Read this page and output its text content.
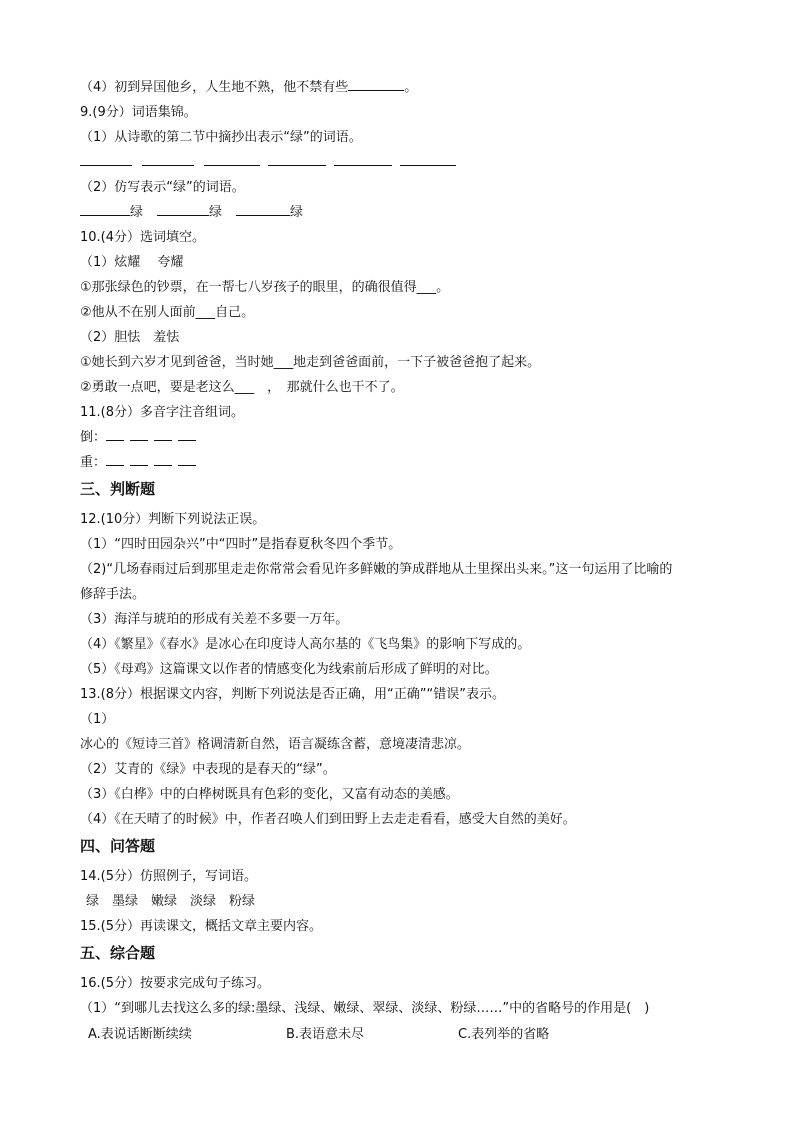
（4）初到异国他乡，人生地不熟，他不禁有些	。
9.(9分）词语集锦。
（1）从诗歌的第二节中摘抄出表示“绿”的词语。
（2）仿写表示“绿”的词语。
绿	绿	绿
10.(4分）选词填空。
（1）炫耀　 夸耀
①那张绿色的钞票，在一帮七八岁孩子的眼里，的确很值得___。
②他从不在别人面前___自己。
（2）胆怯　羞怯
①她长到六岁才见到爸爸，当时她___地走到爸爸面前，一下子被爸爸抱了起来。
②勇敢一点吧，要是老这么___　，　那就什么也干不了。
11.(8分）多音字注音组词。
倒：
重：
三、判断题
12.(10分）判断下列说法正误。
（1）“四时田园杂兴”中“四时”是指春夏秋冬四个季节。
（2)“几场春雨过后到那里走走你常常会看见许多鲜嫩的笋成群地从土里探出头来。”这一句运用了比喻的
修辞手法。
（3）海洋与琥珀的形成有关差不多要一万年。
（4）《繁星》《春水》是冰心在印度诗人高尔基的《飞鸟集》的影响下写成的。
（5）《母鸡》这篇课文以作者的情感变化为线索前后形成了鲜明的对比。
13.(8分）根据课文内容，判断下列说法是否正确，用“正确”“错误”表示。
（1）
冰心的《短诗三首》格调清新自然，语言凝练含蓄，意境凄清悲凉。
（2）艾青的《绿》中表现的是春天的“绿”。
（3）《白桦》中的白桦树既具有色彩的变化，又富有动态的美感。
（4）《在天晴了的时候》中，作者召唤人们到田野上去走走看看，感受大自然的美好。
四、问答题
14.(5分）仿照例子，写词语。
绿　墨绿　嫩绿　淡绿　粉绿
15.(5分）再读课文，概括文章主要内容。
五、综合题
16.(5分）按要求完成句子练习。
（1）“到哪儿去找这么多的绿:墨绿、浅绿、嫩绿、翠绿、淡绿、粉绿……”中的省略号的作用是(　)
A.表说话断断续续	B.表语意未尽	C.表列举的省略
